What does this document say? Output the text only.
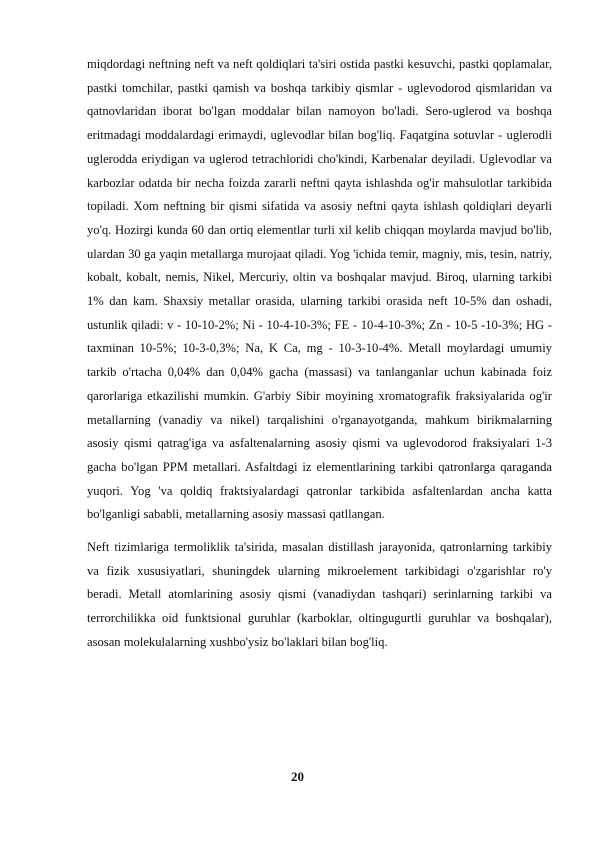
miqdordagi neftning neft va neft qoldiqlari ta'siri ostida pastki kesuvchi, pastki qoplamalar, pastki tomchilar, pastki qamish va boshqa tarkibiy qismlar - uglevodorod qismlaridan va qatnovlaridan iborat bo'lgan moddalar bilan namoyon bo'ladi. Sero-uglerod va boshqa eritmadagi moddalardagi erimaydi, uglevodlar bilan bog'liq. Faqatgina sotuvlar - uglerodli uglerodda eriydigan va uglerod tetrachloridi cho'kindi, Karbenalar deyiladi. Uglevodlar va karbozlar odatda bir necha foizda zararli neftni qayta ishlashda og'ir mahsulotlar tarkibida topiladi. Xom neftning bir qismi sifatida va asosiy neftni qayta ishlash qoldiqlari deyarli yo'q. Hozirgi kunda 60 dan ortiq elementlar turli xil kelib chiqqan moylarda mavjud bo'lib, ulardan 30 ga yaqin metallarga murojaat qiladi. Yog 'ichida temir, magniy, mis, tesin, natriy, kobalt, kobalt, nemis, Nikel, Mercuriy, oltin va boshqalar mavjud. Biroq, ularning tarkibi 1% dan kam. Shaxsiy metallar orasida, ularning tarkibi orasida neft 10-5% dan oshadi, ustunlik qiladi: v - 10-10-2%; Ni - 10-4-10-3%; FE - 10-4-10-3%; Zn - 10-5 -10-3%; HG - taxminan 10-5%; 10-3-0,3%; Na, K Ca, mg - 10-3-10-4%. Metall moylardagi umumiy tarkib o'rtacha 0,04% dan 0,04% gacha (massasi) va tanlanganlar uchun kabinada foiz qarorlariga etkazilishi mumkin. G'arbiy Sibir moyining xromatografik fraksiyalarida og'ir metallarning (vanadiy va nikel) tarqalishini o'rganayotganda, mahkum birikmalarning asosiy qismi qatrag'iga va asfaltenalarning asosiy qismi va uglevodorod fraksiyalari 1-3 gacha bo'lgan PPM metallari. Asfaltdagi iz elementlarining tarkibi qatronlarga qaraganda yuqori. Yog 'va qoldiq fraktsiyalardagi qatronlar tarkibida asfaltenlardan ancha katta bo'lganligi sababli, metallarning asosiy massasi qatllangan.

Neft tizimlariga termoliklik ta'sirida, masalan distillash jarayonida, qatronlarning tarkibiy va fizik xususiyatlari, shuningdek ularning mikroelement tarkibidagi o'zgarishlar ro'y beradi. Metall atomlarining asosiy qismi (vanadiydan tashqari) serinlarning tarkibi va terrorchilikka oid funktsional guruhlar (karboklar, oltingugurtli guruhlar va boshqalar), asosan molekulalarning xushbo'ysiz bo'laklari bilan bog'liq.

20
